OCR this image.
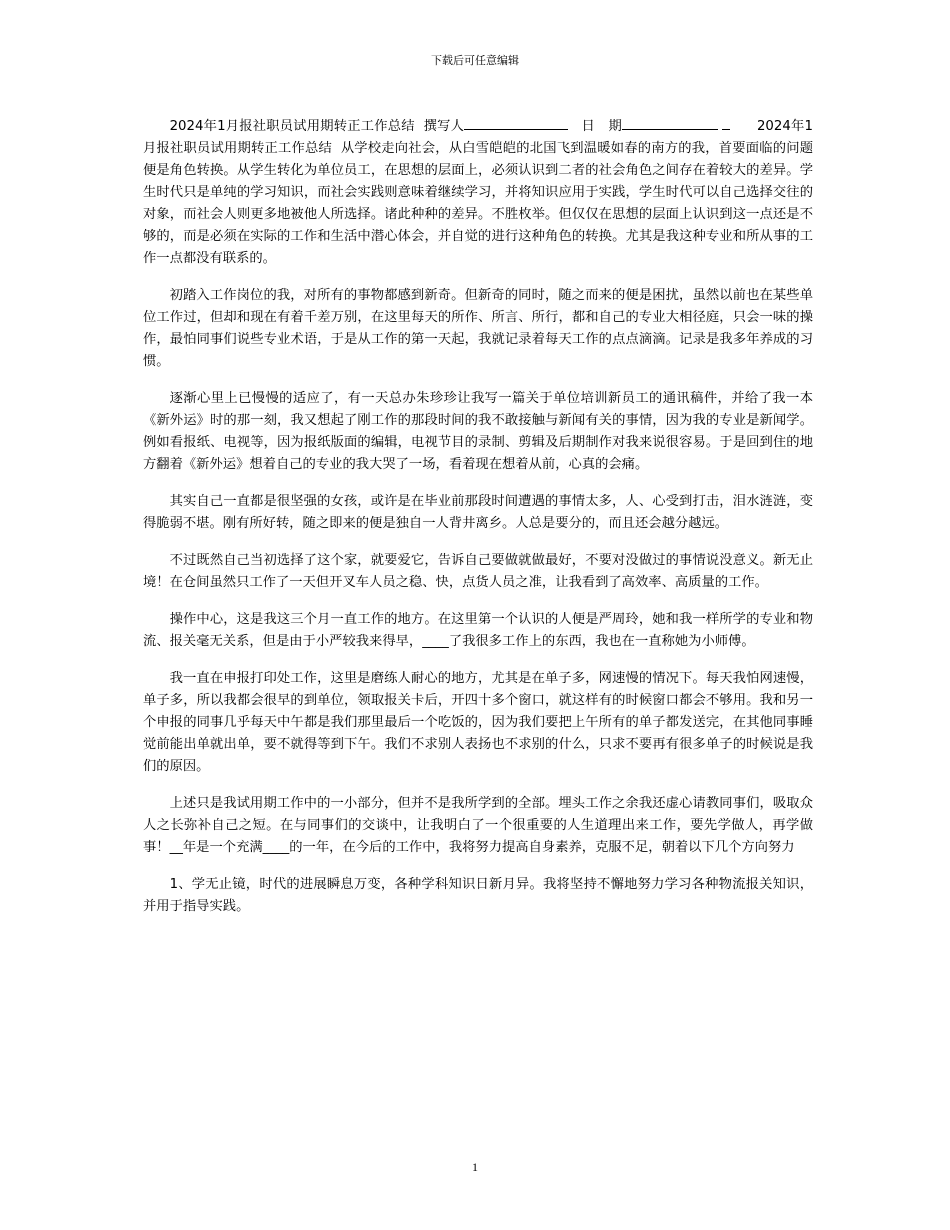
下载后可任意编辑

2024年1月报社职员试用期转正工作总结 撰写人	日　期	2024年1月报社职员试用期转正工作总结 从学校走向社会，从白雪皑皑的北国飞到温暖如春的南方的我，首要面临的问题便是角色转换。从学生转化为单位员工，在思想的层面上，必须认识到二者的社会角色之间存在着较大的差异。学生时代只是单纯的学习知识，而社会实践则意味着继续学习，并将知识应用于实践，学生时代可以自己选择交往的对象，而社会人则更多地被他人所选择。诸此种种的差异。不胜枚举。但仅仅在思想的层面上认识到这一点还是不够的，而是必须在实际的工作和生活中潜心体会，并自觉的进行这种角色的转换。尤其是我这种专业和所从事的工作一点都没有联系的。

初踏入工作岗位的我，对所有的事物都感到新奇。但新奇的同时，随之而来的便是困扰，虽然以前也在某些单位工作过，但却和现在有着千差万别，在这里每天的所作、所言、所行，都和自己的专业大相径庭，只会一味的操作，最怕同事们说些专业术语，于是从工作的第一天起，我就记录着每天工作的点点滴滴。记录是我多年养成的习惯。

逐渐心里上已慢慢的适应了，有一天总办朱珍珍让我写一篇关于单位培训新员工的通讯稿件，并给了我一本《新外运》时的那一刻，我又想起了刚工作的那段时间的我不敢接触与新闻有关的事情，因为我的专业是新闻学。例如看报纸、电视等，因为报纸版面的编辑，电视节目的录制、剪辑及后期制作对我来说很容易。于是回到住的地方翻着《新外运》想着自己的专业的我大哭了一场，看着现在想着从前，心真的会痛。

其实自己一直都是很坚强的女孩，或许是在毕业前那段时间遭遇的事情太多，人、心受到打击，泪水涟涟，变得脆弱不堪。刚有所好转，随之即来的便是独自一人背井离乡。人总是要分的，而且还会越分越远。

不过既然自己当初选择了这个家，就要爱它，告诉自己要做就做最好，不要对没做过的事情说没意义。新无止境！在仓间虽然只工作了一天但开叉车人员之稳、快，点货人员之准，让我看到了高效率、高质量的工作。

操作中心，这是我这三个月一直工作的地方。在这里第一个认识的人便是严周玲，她和我一样所学的专业和物流、报关毫无关系，但是由于小严较我来得早，____了我很多工作上的东西，我也在一直称她为小师傅。

我一直在申报打印处工作，这里是磨练人耐心的地方，尤其是在单子多，网速慢的情况下。每天我怕网速慢，单子多，所以我都会很早的到单位，领取报关卡后，开四十多个窗口，就这样有的时候窗口都会不够用。我和另一个申报的同事几乎每天中午都是我们那里最后一个吃饭的，因为我们要把上午所有的单子都发送完，在其他同事睡觉前能出单就出单，要不就得等到下午。我们不求别人表扬也不求别的什么，只求不要再有很多单子的时候说是我们的原因。

上述只是我试用期工作中的一小部分，但并不是我所学到的全部。埋头工作之余我还虚心请教同事们，吸取众人之长弥补自己之短。在与同事们的交谈中，让我明白了一个很重要的人生道理出来工作，要先学做人，再学做事！__年是一个充满____的一年，在今后的工作中，我将努力提高自身素养，克服不足，朝着以下几个方向努力

1、学无止镜，时代的进展瞬息万变，各种学科知识日新月异。我将坚持不懈地努力学习各种物流报关知识，并用于指导实践。

1
